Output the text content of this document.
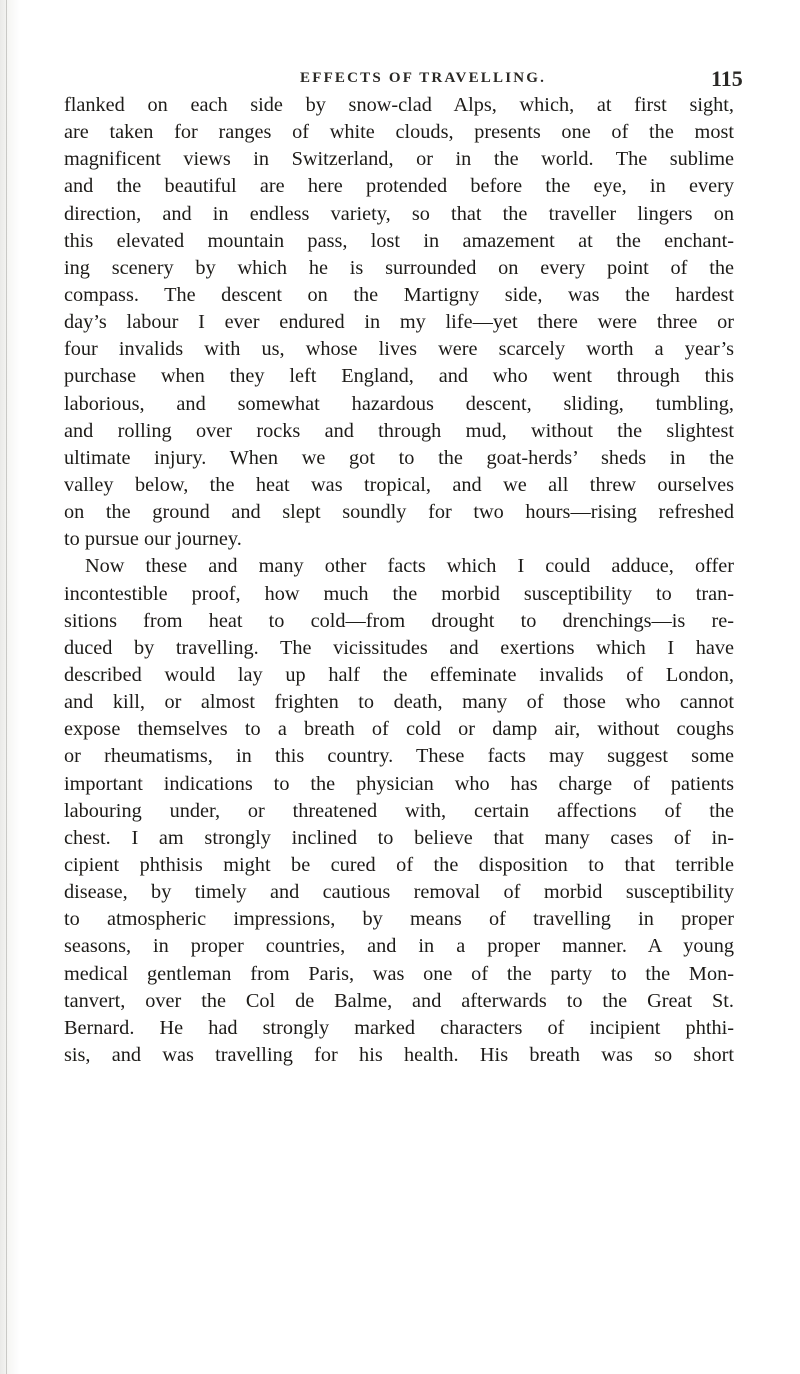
EFFECTS OF TRAVELLING.	115
flanked on each side by snow-clad Alps, which, at first sight,
are taken for ranges of white clouds, presents one of the most
magnificent views in Switzerland, or in the world. The sublime
and the beautiful are here protended before the eye, in every
direction, and in endless variety, so that the traveller lingers on
this elevated mountain pass, lost in amazement at the enchant-
ing scenery by which he is surrounded on every point of the
compass. The descent on the Martigny side, was the hardest
day’s labour I ever endured in my life—yet there were three or
four invalids with us, whose lives were scarcely worth a year’s
purchase when they left England, and who went through this
laborious, and somewhat hazardous descent, sliding, tumbling,
and rolling over rocks and through mud, without the slightest
ultimate injury. When we got to the goat-herds’ sheds in the
valley below, the heat was tropical, and we all threw ourselves
on the ground and slept soundly for two hours—rising refreshed
to pursue our journey.
Now these and many other facts which I could adduce, offer
incontestible proof, how much the morbid susceptibility to tran-
sitions from heat to cold—from drought to drenchings—is re-
duced by travelling. The vicissitudes and exertions which I have
described would lay up half the effeminate invalids of London,
and kill, or almost frighten to death, many of those who cannot
expose themselves to a breath of cold or damp air, without coughs
or rheumatisms, in this country. These facts may suggest some
important indications to the physician who has charge of patients
labouring under, or threatened with, certain affections of the
chest. I am strongly inclined to believe that many cases of in-
cipient phthisis might be cured of the disposition to that terrible
disease, by timely and cautious removal of morbid susceptibility
to atmospheric impressions, by means of travelling in proper
seasons, in proper countries, and in a proper manner. A young
medical gentleman from Paris, was one of the party to the Mon-
tanvert, over the Col de Balme, and afterwards to the Great St.
Bernard. He had strongly marked characters of incipient phthi-
sis, and was travelling for his health. His breath was so short
